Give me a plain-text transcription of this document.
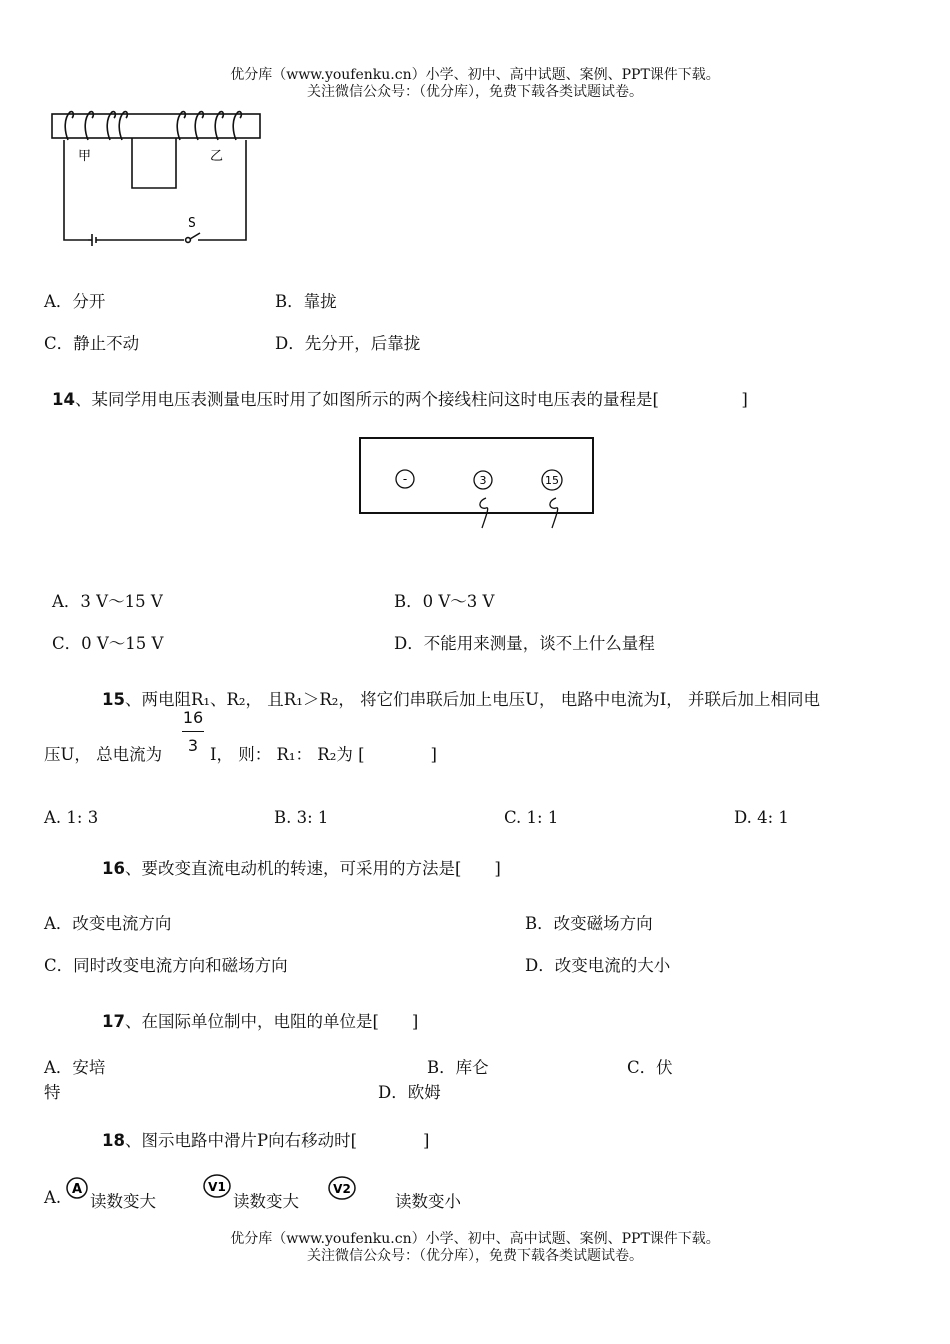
优分库（www.youfenku.cn）小学、初中、高中试题、案例、PPT课件下载。
关注微信公众号：（优分库），免费下载各类试题试卷。
甲	乙
S
A．分开	B．靠拢
C．静止不动	D．先分开，后靠拢
14、某同学用电压表测量电压时用了如图所示的两个接线柱问这时电压表的量程是[　　　　　]
-	3	15
A．3 V～15 V	B．0 V～3 V
C．0 V～15 V	D．不能用来测量，谈不上什么量程
15、两电阻R₁、R₂， 且R₁＞R₂， 将它们串联后加上电压U， 电路中电流为I， 并联后加上相同电
压U， 总电流为
16
3 I， 则： R₁： R₂为 [　　　　]
A. 1: 3	B. 3: 1	C. 1: 1	D. 4: 1
16、要改变直流电动机的转速，可采用的方法是[　　]
A．改变电流方向	B．改变磁场方向
C．同时改变电流方向和磁场方向	D．改变电流的大小
17、在国际单位制中，电阻的单位是[　　]
A．安培	B．库仑	C．伏
特	D．欧姆
18、图示电路中滑片P向右移动时[　　　　]
A. A
读数变大
V1
读数变大
V2
读数变小
优分库（www.youfenku.cn）小学、初中、高中试题、案例、PPT课件下载。
关注微信公众号：（优分库），免费下载各类试题试卷。
